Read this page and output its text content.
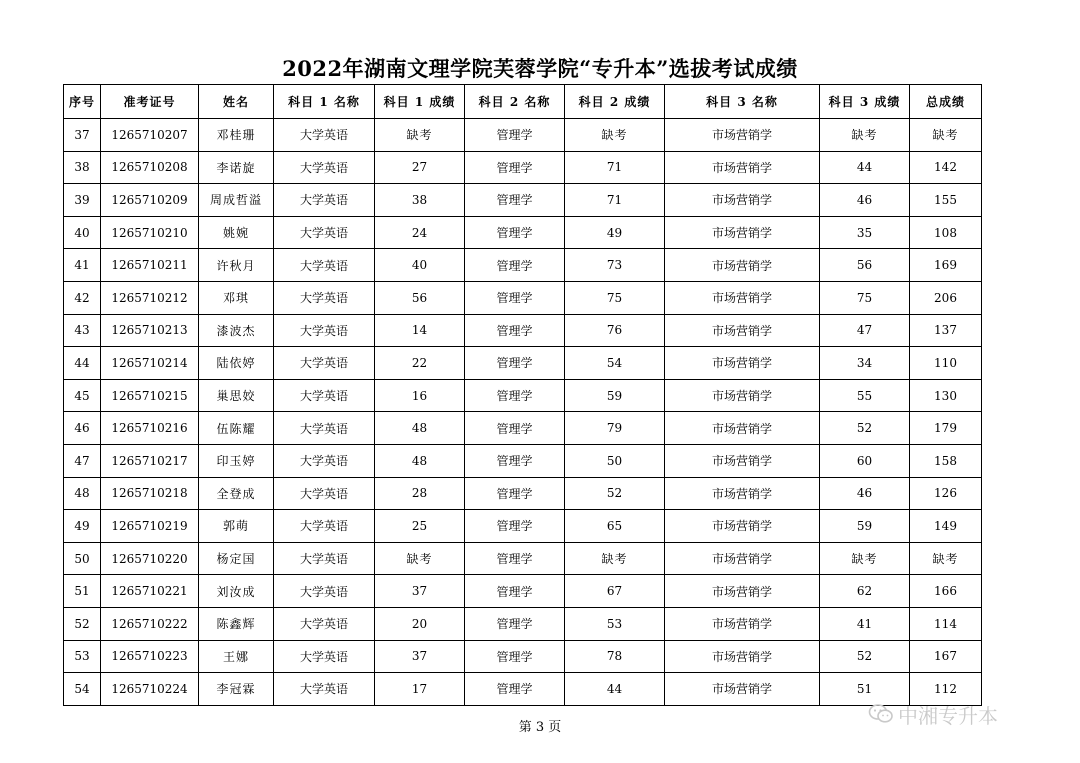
2022年湖南文理学院芙蓉学院“专升本”选拔考试成绩
序号	准考证号	姓名	科目 1 名称	科目 1 成绩	科目 2 名称	科目 2 成绩	科目 3 名称	科目 3 成绩	总成绩
37	1265710207	邓桂珊	大学英语	缺考	管理学	缺考	市场营销学	缺考	缺考
38	1265710208	李诺旋	大学英语	27	管理学	71	市场营销学	44	142
39	1265710209	周成哲溢	大学英语	38	管理学	71	市场营销学	46	155
40	1265710210	姚婉	大学英语	24	管理学	49	市场营销学	35	108
41	1265710211	许秋月	大学英语	40	管理学	73	市场营销学	56	169
42	1265710212	邓琪	大学英语	56	管理学	75	市场营销学	75	206
43	1265710213	漆波杰	大学英语	14	管理学	76	市场营销学	47	137
44	1265710214	陆依婷	大学英语	22	管理学	54	市场营销学	34	110
45	1265710215	巢思姣	大学英语	16	管理学	59	市场营销学	55	130
46	1265710216	伍陈耀	大学英语	48	管理学	79	市场营销学	52	179
47	1265710217	印玉婷	大学英语	48	管理学	50	市场营销学	60	158
48	1265710218	全登成	大学英语	28	管理学	52	市场营销学	46	126
49	1265710219	郭萌	大学英语	25	管理学	65	市场营销学	59	149
50	1265710220	杨定国	大学英语	缺考	管理学	缺考	市场营销学	缺考	缺考
51	1265710221	刘汝成	大学英语	37	管理学	67	市场营销学	62	166
52	1265710222	陈鑫辉	大学英语	20	管理学	53	市场营销学	41	114
53	1265710223	王娜	大学英语	37	管理学	78	市场营销学	52	167
54	1265710224	李冠霖	大学英语	17	管理学	44	市场营销学	51	112
第 3 页	中湘专升本
